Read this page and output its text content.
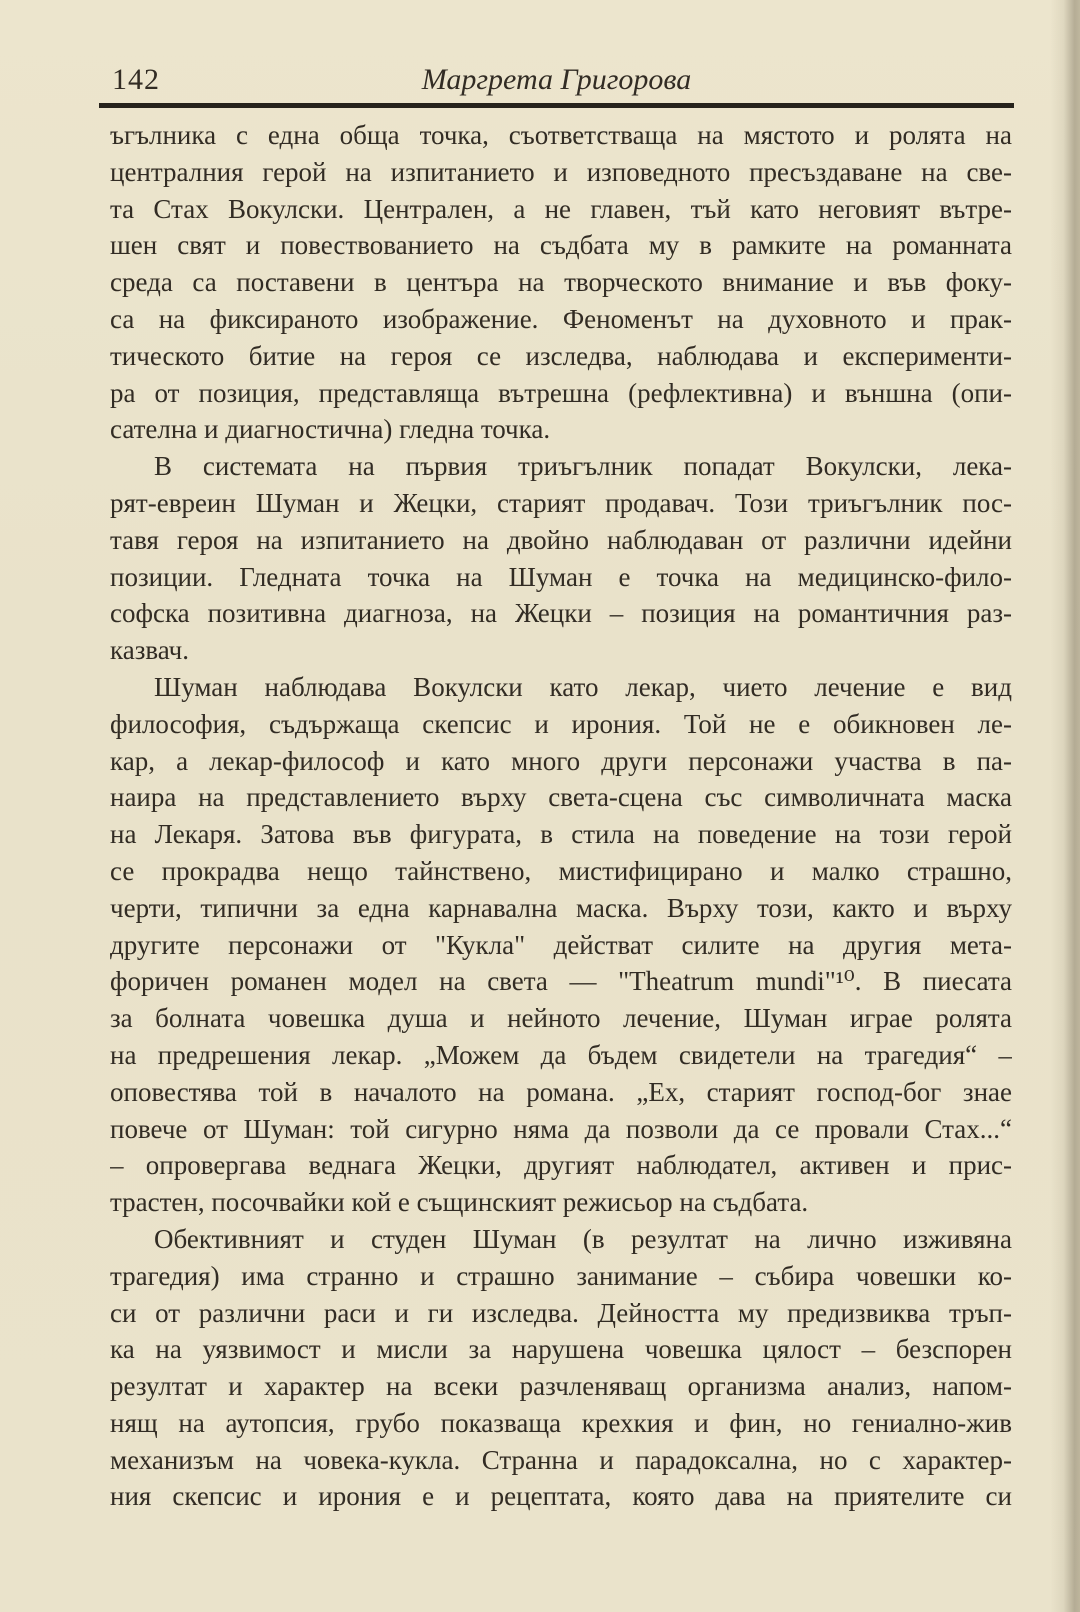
142	Маргрета Григорова
ъгълника с една обща точка, съответстваща на мястото и ролята на
централния герой на изпитанието и изповедното пресъздаване на све-
та Стах Вокулски. Централен, а не главен, тъй като неговият вътре-
шен свят и повествованието на съдбата му в рамките на романната
среда са поставени в центъра на творческото внимание и във фоку-
са на фиксираното изображение. Феноменът на духовното и прак-
тическото битие на героя се изследва, наблюдава и експерименти-
ра от позиция, представляща вътрешна (рефлективна) и външна (опи-
сателна и диагностична) гледна точка.
В системата на първия триъгълник попадат Вокулски, лека-
рят-евреин Шуман и Жецки, старият продавач. Този триъгълник пос-
тавя героя на изпитанието на двойно наблюдаван от различни идейни
позиции. Гледната точка на Шуман е точка на медицинско-фило-
софска позитивна диагноза, на Жецки – позиция на романтичния раз-
казвач.
Шуман наблюдава Вокулски като лекар, чието лечение е вид
философия, съдържаща скепсис и ирония. Той не е обикновен ле-
кар, а лекар-философ и като много други персонажи участва в па-
наира на представлението върху света-сцена със символичната маска
на Лекаря. Затова във фигурата, в стила на поведение на този герой
се прокрадва нещо тайнствено, мистифицирано и малко страшно,
черти, типични за една карнавална маска. Върху този, както и върху
другите персонажи от "Кукла" действат силите на другия мета-
форичен романен модел на света — "Theatrum mundi"¹⁰. В пиесата
за болната човешка душа и нейното лечение, Шуман играе ролята
на предрешения лекар. „Можем да бъдем свидетели на трагедия“ –
оповестява той в началото на романа. „Ех, старият господ-бог знае
повече от Шуман: той сигурно няма да позволи да се провали Стах...“
– опровергава веднага Жецки, другият наблюдател, активен и прис-
трастен, посочвайки кой е същинският режисьор на съдбата.
Обективният и студен Шуман (в резултат на лично изживяна
трагедия) има странно и страшно занимание – събира човешки ко-
си от различни раси и ги изследва. Дейността му предизвиква тръп-
ка на уязвимост и мисли за нарушена човешка цялост – безспорен
резултат и характер на всеки разчленяващ организма анализ, напом-
нящ на аутопсия, грубо показваща крехкия и фин, но гениално-жив
механизъм на човека-кукла. Странна и парадоксална, но с характер-
ния скепсис и ирония е и рецептата, която дава на приятелите си
